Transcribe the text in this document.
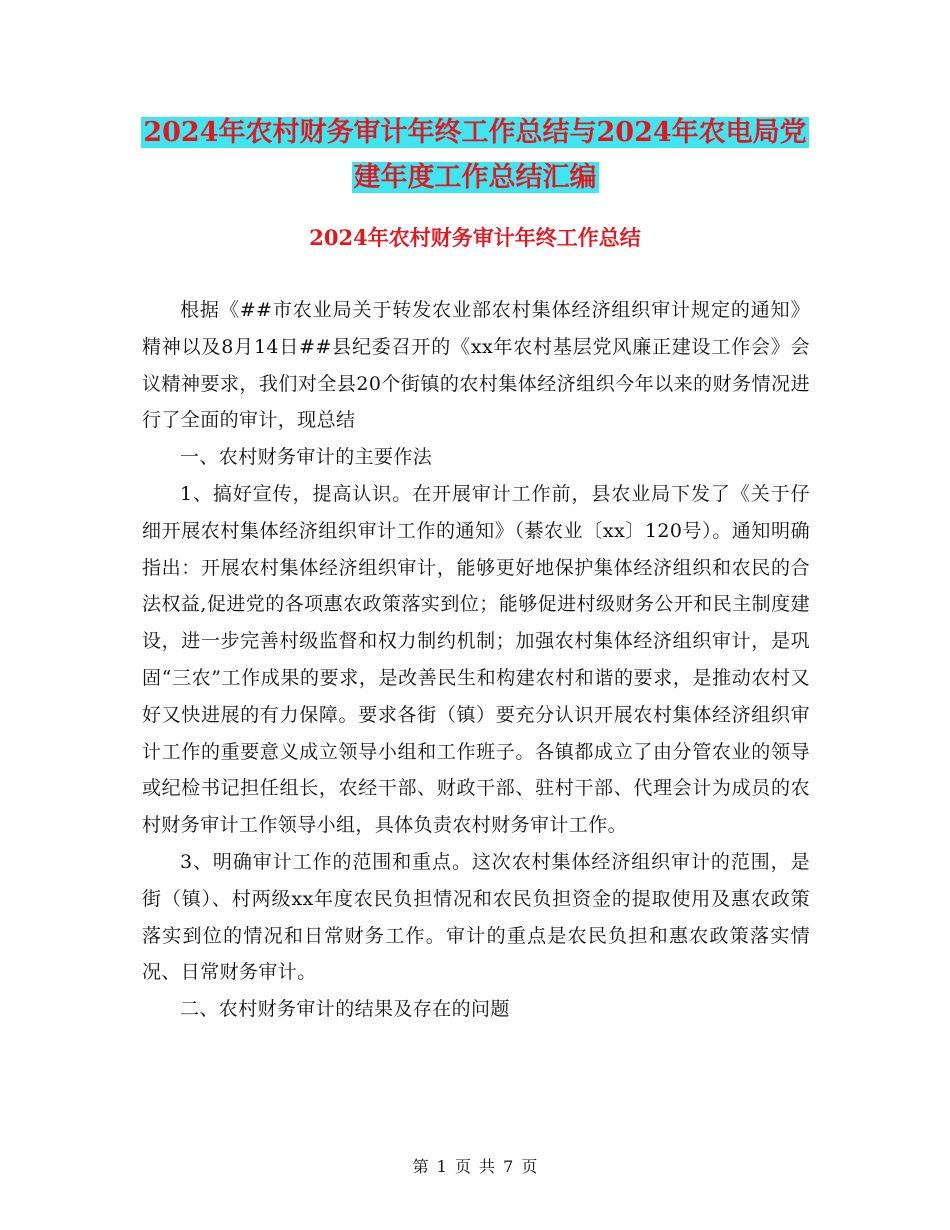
2024年农村财务审计年终工作总结与2024年农电局党
建年度工作总结汇编
2024年农村财务审计年终工作总结

根据《##市农业局关于转发农业部农村集体经济组织审计规定的通知》精神以及8月14日##县纪委召开的《xx年农村基层党风廉正建设工作会》会议精神要求，我们对全县20个街镇的农村集体经济组织今年以来的财务情况进行了全面的审计，现总结

一、农村财务审计的主要作法

1、搞好宣传，提高认识。在开展审计工作前，县农业局下发了《关于仔细开展农村集体经济组织审计工作的通知》（綦农业〔xx〕120号）。通知明确指出：开展农村集体经济组织审计，能够更好地保护集体经济组织和农民的合法权益,促进党的各项惠农政策落实到位；能够促进村级财务公开和民主制度建设，进一步完善村级监督和权力制约机制；加强农村集体经济组织审计，是巩固“三农”工作成果的要求，是改善民生和构建农村和谐的要求，是推动农村又好又快进展的有力保障。要求各街（镇）要充分认识开展农村集体经济组织审计工作的重要意义成立领导小组和工作班子。各镇都成立了由分管农业的领导或纪检书记担任组长，农经干部、财政干部、驻村干部、代理会计为成员的农村财务审计工作领导小组，具体负责农村财务审计工作。

3、明确审计工作的范围和重点。这次农村集体经济组织审计的范围，是街（镇）、村两级xx年度农民负担情况和农民负担资金的提取使用及惠农政策落实到位的情况和日常财务工作。审计的重点是农民负担和惠农政策落实情况、日常财务审计。

二、农村财务审计的结果及存在的问题

第 1 页 共 7 页
